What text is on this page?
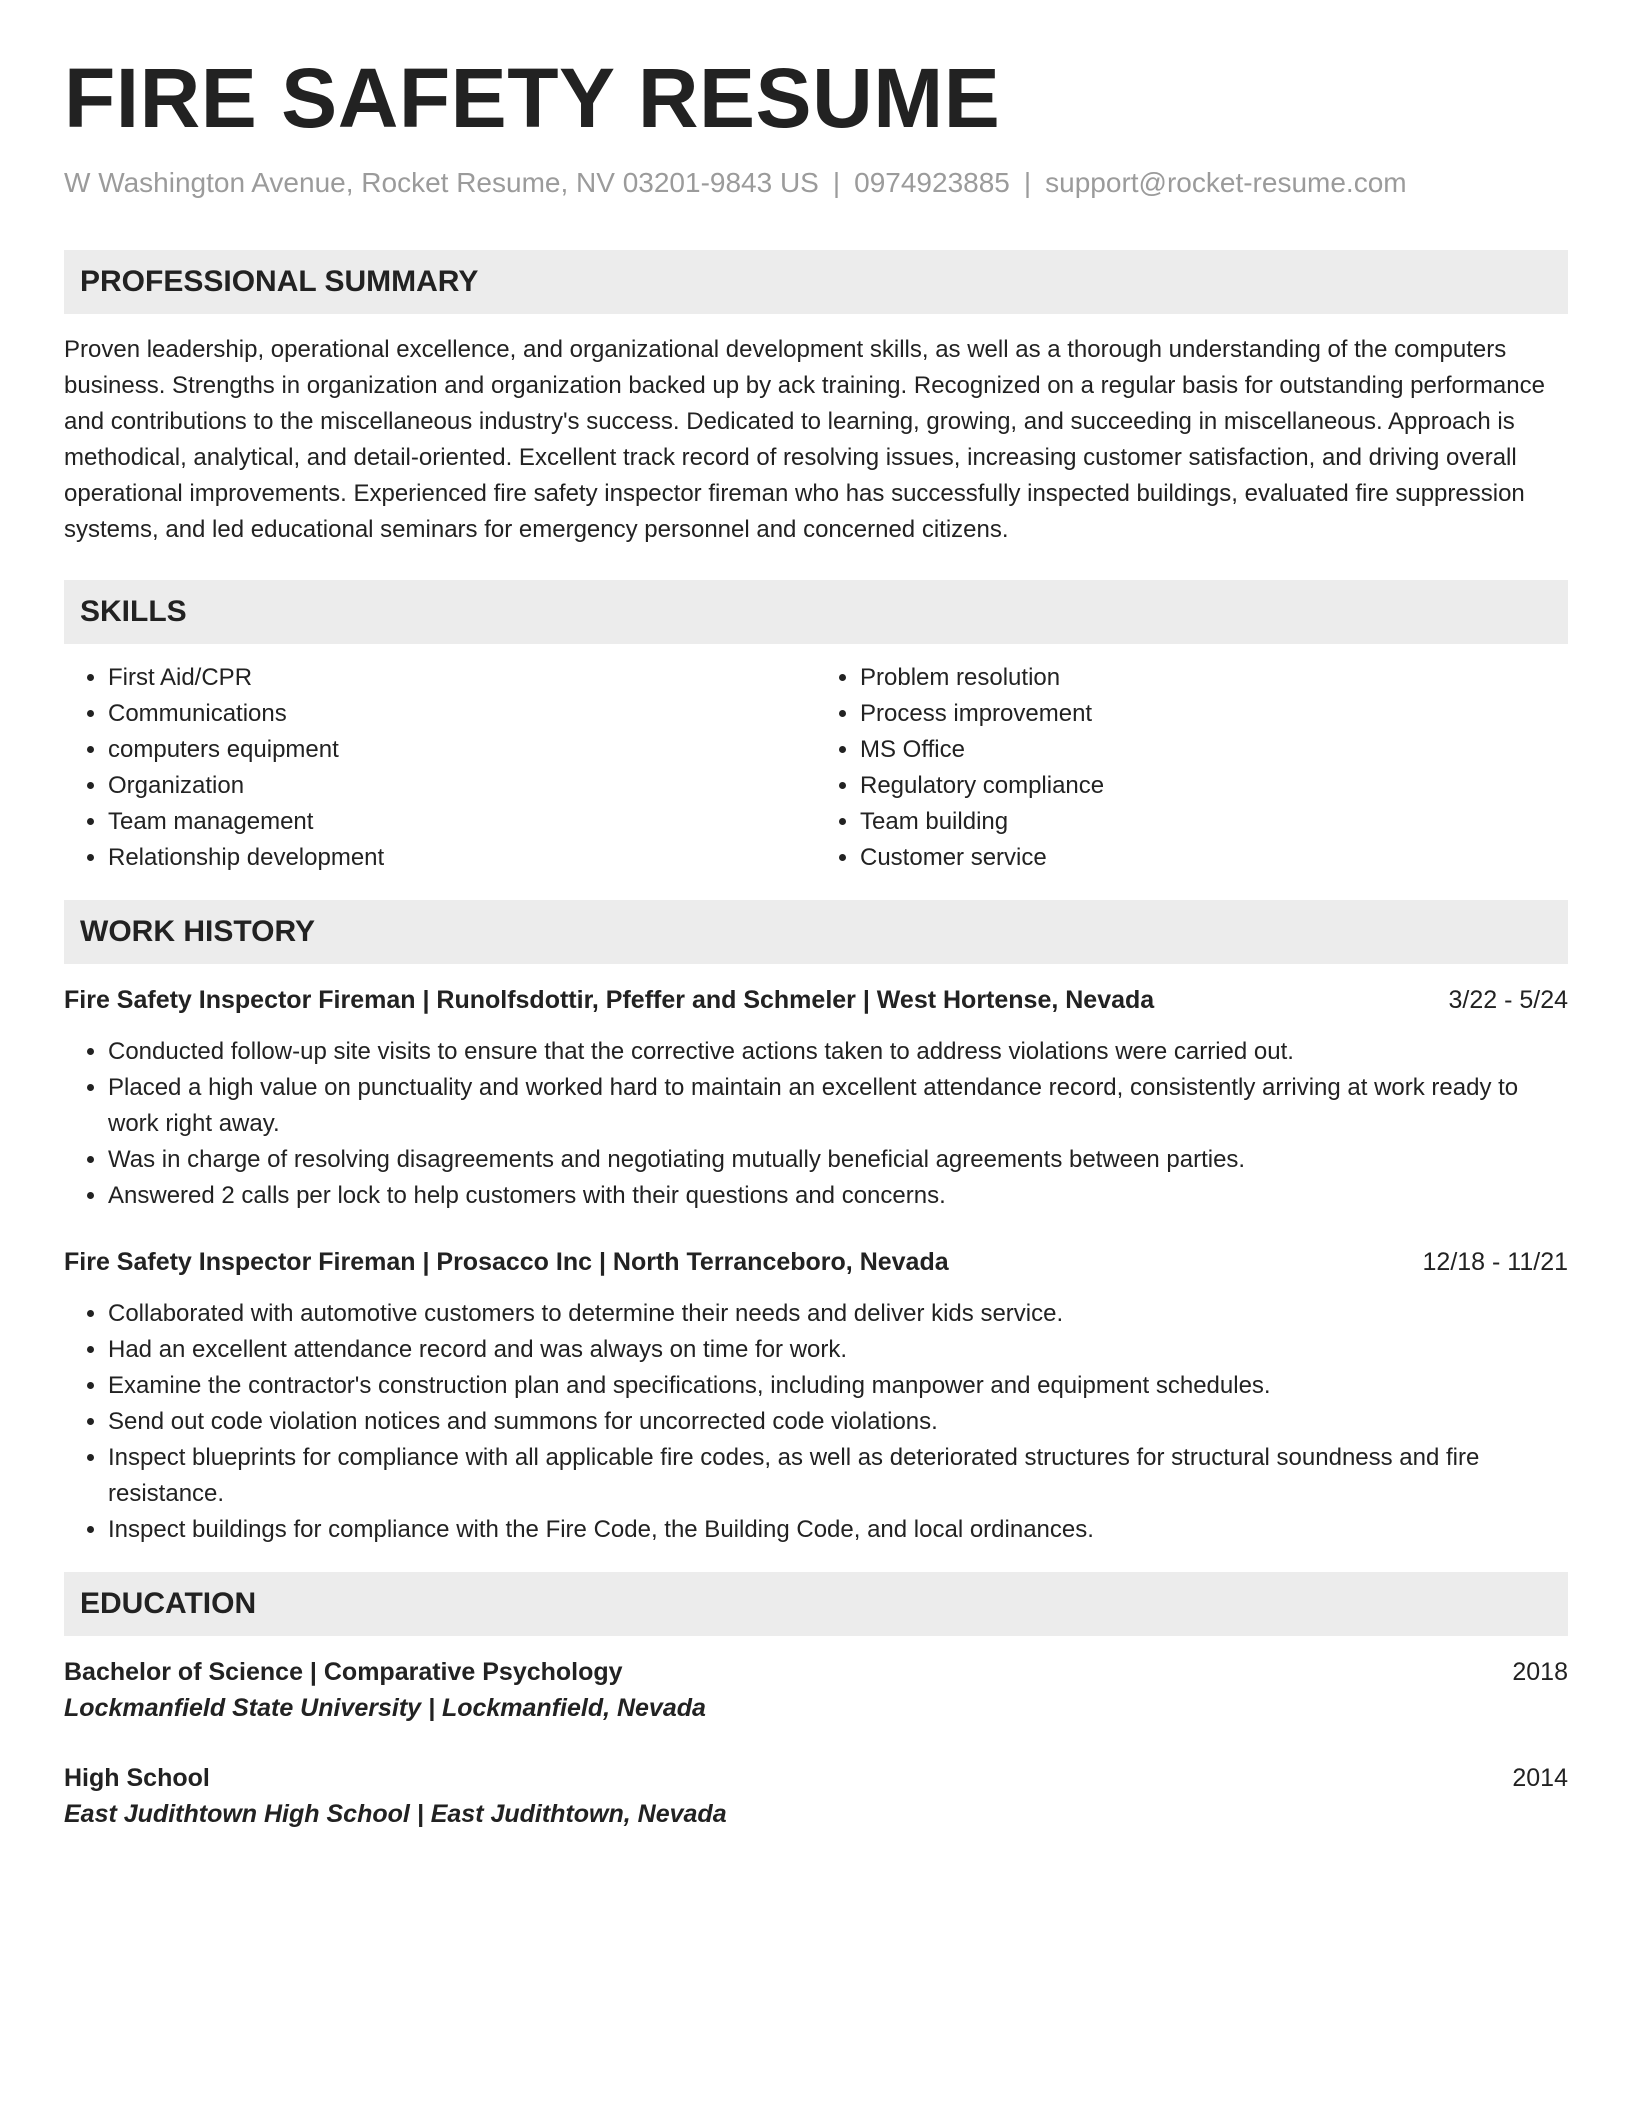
FIRE SAFETY RESUME
W Washington Avenue, Rocket Resume, NV 03201-9843 US | 0974923885 | support@rocket-resume.com
PROFESSIONAL SUMMARY
Proven leadership, operational excellence, and organizational development skills, as well as a thorough understanding of the computers business. Strengths in organization and organization backed up by ack training. Recognized on a regular basis for outstanding performance and contributions to the miscellaneous industry's success. Dedicated to learning, growing, and succeeding in miscellaneous. Approach is methodical, analytical, and detail-oriented. Excellent track record of resolving issues, increasing customer satisfaction, and driving overall operational improvements. Experienced fire safety inspector fireman who has successfully inspected buildings, evaluated fire suppression systems, and led educational seminars for emergency personnel and concerned citizens.
SKILLS
• First Aid/CPR
• Communications
• computers equipment
• Organization
• Team management
• Relationship development
• Problem resolution
• Process improvement
• MS Office
• Regulatory compliance
• Team building
• Customer service
WORK HISTORY
Fire Safety Inspector Fireman | Runolfsdottir, Pfeffer and Schmeler | West Hortense, Nevada	3/22 - 5/24
• Conducted follow-up site visits to ensure that the corrective actions taken to address violations were carried out.
• Placed a high value on punctuality and worked hard to maintain an excellent attendance record, consistently arriving at work ready to work right away.
• Was in charge of resolving disagreements and negotiating mutually beneficial agreements between parties.
• Answered 2 calls per lock to help customers with their questions and concerns.
Fire Safety Inspector Fireman | Prosacco Inc | North Terranceboro, Nevada	12/18 - 11/21
• Collaborated with automotive customers to determine their needs and deliver kids service.
• Had an excellent attendance record and was always on time for work.
• Examine the contractor's construction plan and specifications, including manpower and equipment schedules.
• Send out code violation notices and summons for uncorrected code violations.
• Inspect blueprints for compliance with all applicable fire codes, as well as deteriorated structures for structural soundness and fire resistance.
• Inspect buildings for compliance with the Fire Code, the Building Code, and local ordinances.
EDUCATION
Bachelor of Science | Comparative Psychology	2018
Lockmanfield State University | Lockmanfield, Nevada
High School	2014
East Judithtown High School | East Judithtown, Nevada
